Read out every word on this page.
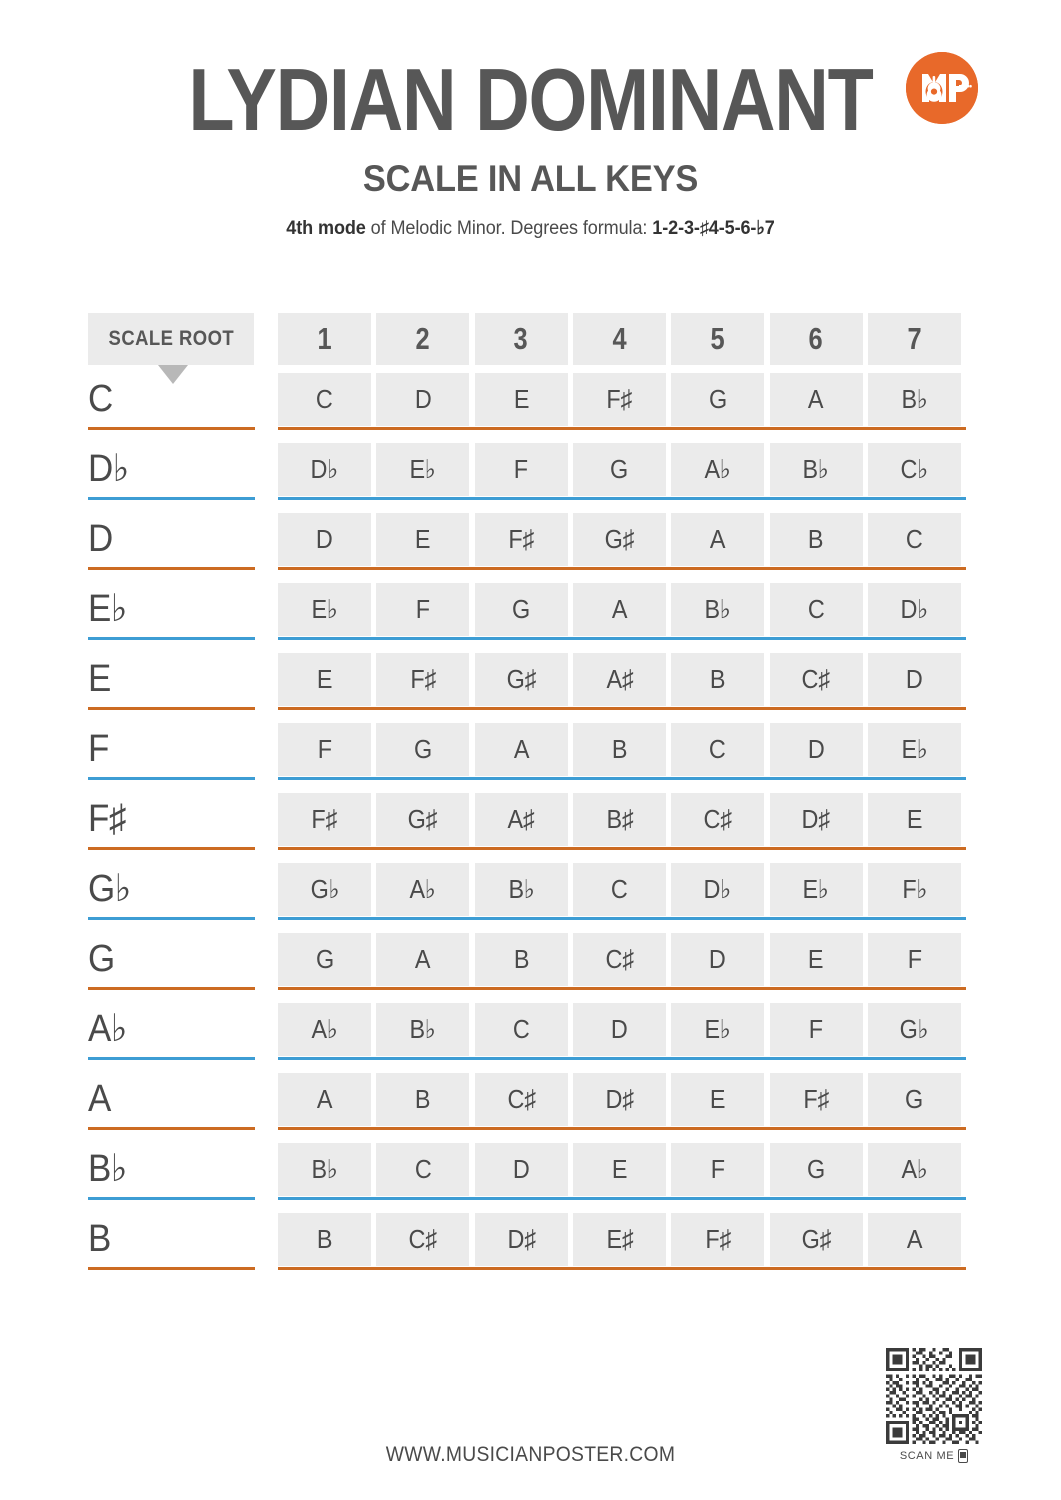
LYDIAN DOMINANT
SCALE IN ALL KEYS

4th mode of Melodic Minor. Degrees formula: 1-2-3-♯4-5-6-♭7

SCALE ROOT	1	2	3	4	5	6	7
C	C	D	E	F♯	G	A	B♭
D♭	D♭	E♭	F	G	A♭	B♭	C♭
D	D	E	F♯	G♯	A	B	C
E♭	E♭	F	G	A	B♭	C	D♭
E	E	F♯	G♯	A♯	B	C♯	D
F	F	G	A	B	C	D	E♭
F♯	F♯	G♯	A♯	B♯	C♯	D♯	E
G♭	G♭	A♭	B♭	C	D♭	E♭	F♭
G	G	A	B	C♯	D	E	F
A♭	A♭	B♭	C	D	E♭	F	G♭
A	A	B	C♯	D♯	E	F♯	G
B♭	B♭	C	D	E	F	G	A♭
B	B	C♯	D♯	E♯	F♯	G♯	A
WWW.MUSICIANPOSTER.COM	SCAN ME
